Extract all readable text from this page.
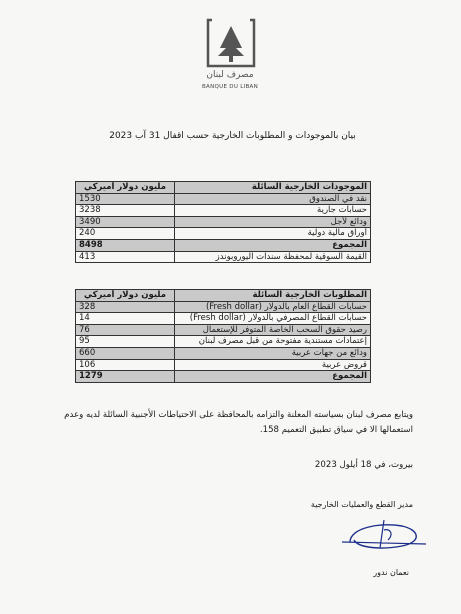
مصرف لبنان
BANQUE DU LIBAN
بيان بالموجودات و المطلوبات الخارجية حسب اقفال 31 آب 2023
مليون دولار أميركي	الموجودات الخارجية السائلة
1530	نقد في الصندوق
3238	حسابات جارية
3490	ودائع لأجل
240	أوراق مالية دولية
8498	المجموع
413	القيمة السوقية لمحفظة سندات اليوروبوندز
مليون دولار أميركي	المطلوبات الخارجية السائلة
328	حسابات القطاع العام بالدولار (Fresh dollar)
14	حسابات القطاع المصرفي بالدولار (Fresh dollar)
76	رصيد حقوق السحب الخاصة المتوفر للإستعمال
95	إعتمادات مستندية مفتوحة من قبل مصرف لبنان
660	ودائع من جهات عربية
106	قروض عربية
1279	المجموع
ويتابع مصرف لبنان بسياسته المعلنة والتزامه بالمحافظة على الاحتياطات الأجنبية السائلة لديه وعدم استعمالها الا في سياق تطبيق التعميم 158.
بيروت، في 18 أيلول 2023
مدير القطع والعمليات الخارجية
نعمان ندور
